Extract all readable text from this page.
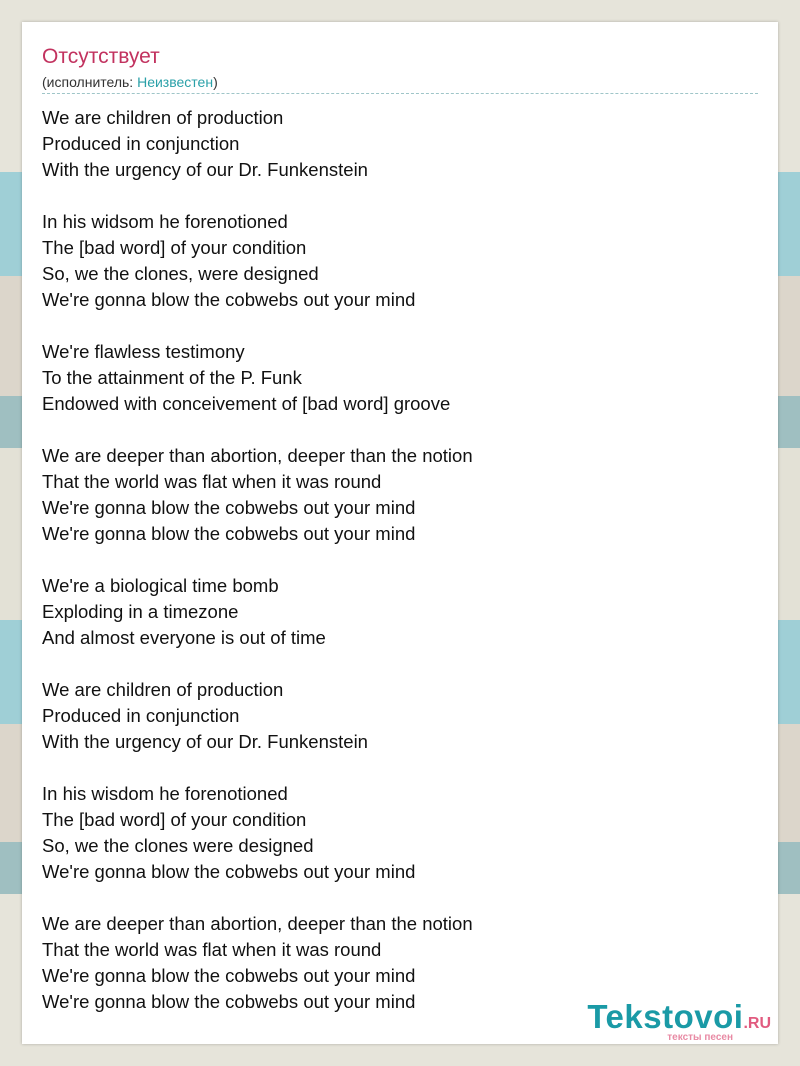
Отсутствует
(исполнитель: Неизвестен)
We are children of production
Produced in conjunction
With the urgency of our Dr. Funkenstein
In his widsom he forenotioned
The [bad word] of your condition
So, we the clones, were designed
We're gonna blow the cobwebs out your mind
We're flawless testimony
To the attainment of the P. Funk
Endowed with conceivement of [bad word] groove
We are deeper than abortion, deeper than the notion
That the world was flat when it was round
We're gonna blow the cobwebs out your mind
We're gonna blow the cobwebs out your mind
We're a biological time bomb
Exploding in a timezone
And almost everyone is out of time
We are children of production
Produced in conjunction
With the urgency of our Dr. Funkenstein
In his wisdom he forenotioned
The [bad word] of your condition
So, we the clones were designed
We're gonna blow the cobwebs out your mind
We are deeper than abortion, deeper than the notion
That the world was flat when it was round
We're gonna blow the cobwebs out your mind
We're gonna blow the cobwebs out your mind	Tekstovoi.RU
тексты песен
